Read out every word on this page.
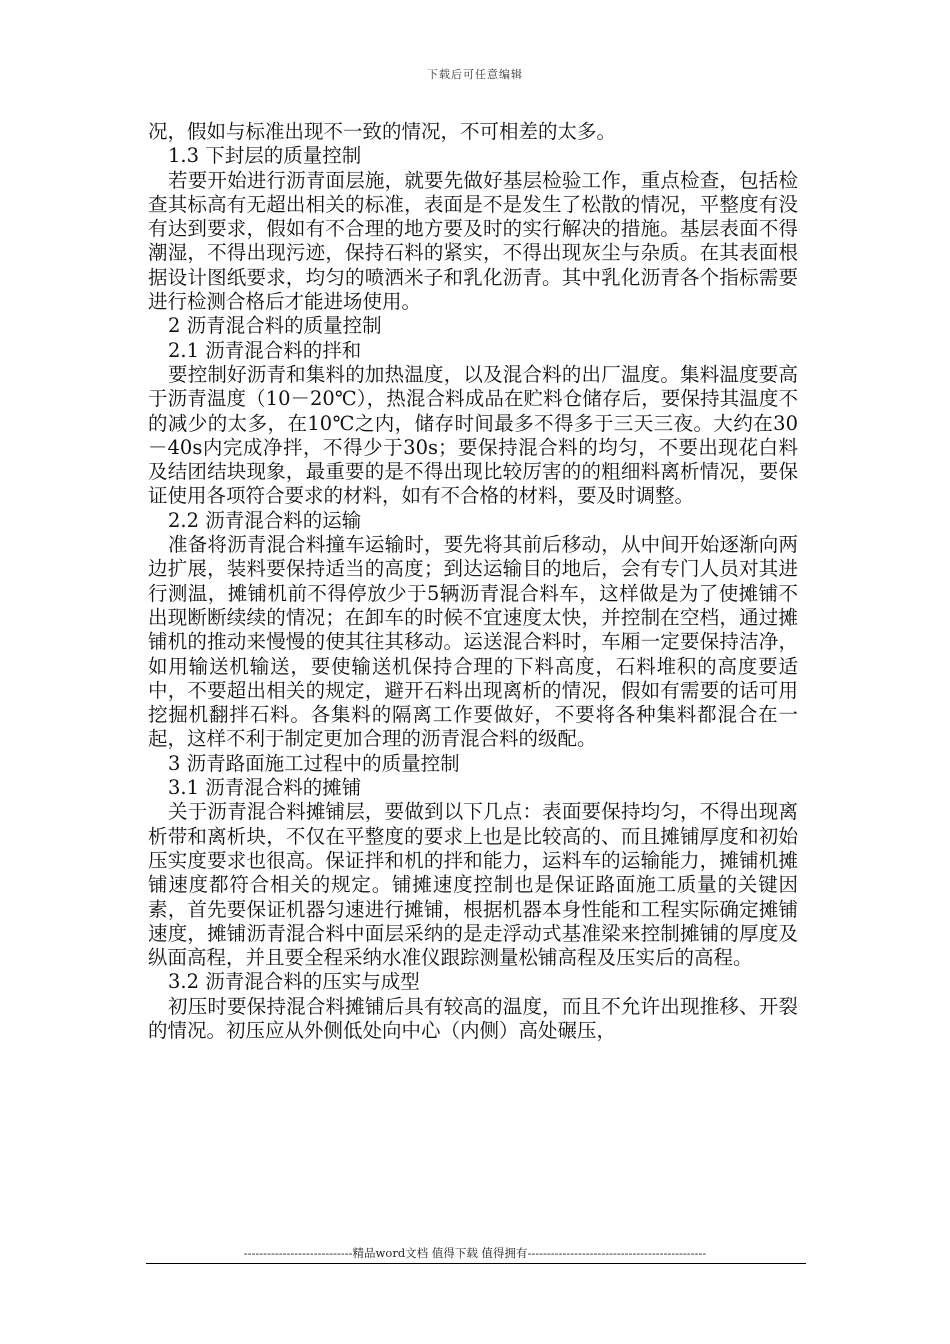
下载后可任意编辑

况，假如与标准出现不一致的情况，不可相差的太多。

1.3 下封层的质量控制

若要开始进行沥青面层施，就要先做好基层检验工作，重点检查，包括检查其标高有无超出相关的标准，表面是不是发生了松散的情况，平整度有没有达到要求，假如有不合理的地方要及时的实行解决的措施。基层表面不得潮湿，不得出现污迹，保持石料的紧实，不得出现灰尘与杂质。在其表面根据设计图纸要求，均匀的喷洒米子和乳化沥青。其中乳化沥青各个指标需要进行检测合格后才能进场使用。

2 沥青混合料的质量控制

2.1 沥青混合料的拌和

要控制好沥青和集料的加热温度，以及混合料的出厂温度。集料温度要高于沥青温度（10－20℃），热混合料成品在贮料仓储存后，要保持其温度不的减少的太多，在10℃之内，储存时间最多不得多于三天三夜。大约在30－40s内完成净拌，不得少于30s；要保持混合料的均匀，不要出现花白料及结团结块现象，最重要的是不得出现比较厉害的的粗细料离析情况，要保证使用各项符合要求的材料，如有不合格的材料，要及时调整。

2.2 沥青混合料的运输

准备将沥青混合料撞车运输时，要先将其前后移动，从中间开始逐渐向两边扩展，装料要保持适当的高度；到达运输目的地后，会有专门人员对其进行测温，摊铺机前不得停放少于5辆沥青混合料车，这样做是为了使摊铺不出现断断续续的情况；在卸车的时候不宜速度太快，并控制在空档，通过摊铺机的推动来慢慢的使其往其移动。运送混合料时，车厢一定要保持洁净，如用输送机输送，要使输送机保持合理的下料高度，石料堆积的高度要适中，不要超出相关的规定，避开石料出现离析的情况，假如有需要的话可用挖掘机翻拌石料。各集料的隔离工作要做好，不要将各种集料都混合在一起，这样不利于制定更加合理的沥青混合料的级配。

3 沥青路面施工过程中的质量控制

3.1 沥青混合料的摊铺

关于沥青混合料摊铺层，要做到以下几点：表面要保持均匀，不得出现离析带和离析块，不仅在平整度的要求上也是比较高的、而且摊铺厚度和初始压实度要求也很高。保证拌和机的拌和能力，运料车的运输能力，摊铺机摊铺速度都符合相关的规定。铺摊速度控制也是保证路面施工质量的关键因素，首先要保证机器匀速进行摊铺，根据机器本身性能和工程实际确定摊铺速度，摊铺沥青混合料中面层采纳的是走浮动式基准梁来控制摊铺的厚度及纵面高程，并且要全程采纳水准仪跟踪测量松铺高程及压实后的高程。

3.2 沥青混合料的压实与成型

初压时要保持混合料摊铺后具有较高的温度，而且不允许出现推移、开裂的情况。初压应从外侧低处向中心（内侧）高处碾压，

----------------------------精品word文档 值得下载 值得拥有----------------------------------------------
